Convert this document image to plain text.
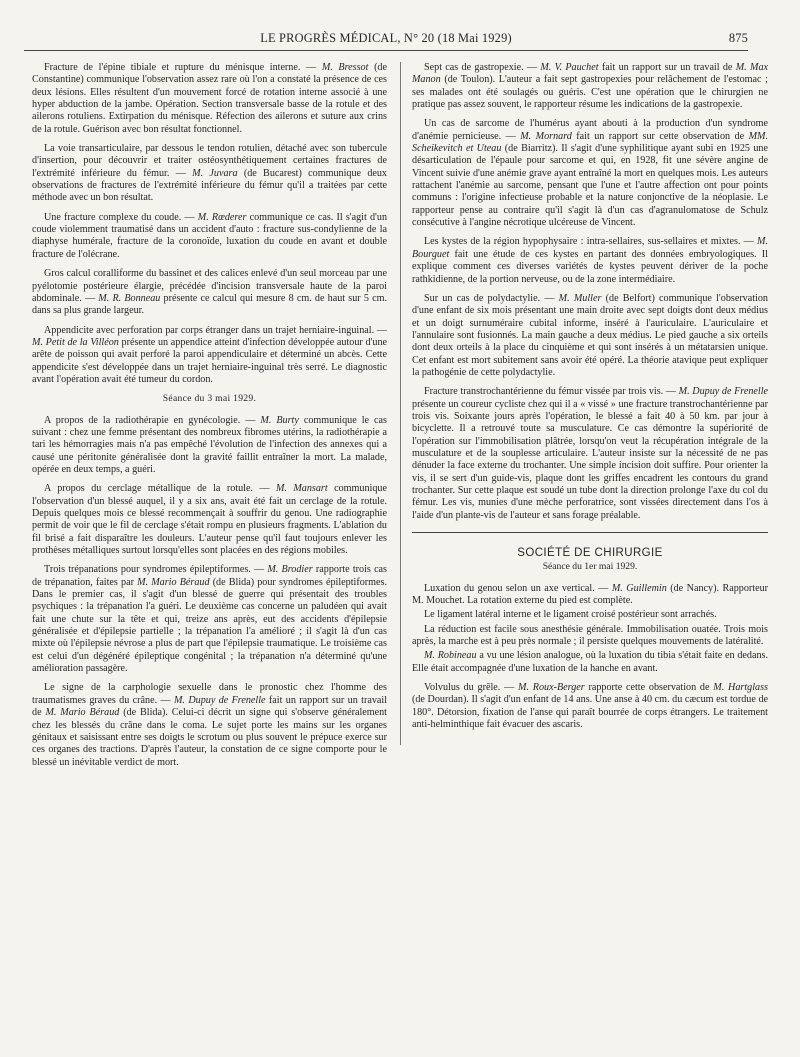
LE PROGRÈS MÉDICAL, N° 20 (18 Mai 1929)	875

Fracture de l'épine tibiale et rupture du ménisque interne. — M. Bressot (de Constantine) communique l'observation assez rare où l'on a constaté la présence de ces deux lésions. Elles résultent d'un mouvement forcé de rotation interne associé à une hyper abduction de la jambe. Opération. Section transversale basse de la rotule et des ailerons rotuliens. Extirpation du ménisque. Réfection des ailerons et suture aux crins de la rotule. Guérison avec bon résultat fonctionnel.

La voie transarticulaire, par dessous le tendon rotulien, détaché avec son tubercule d'insertion, pour découvrir et traiter ostéosynthétiquement certaines fractures de l'extrémité inférieure du fémur. — M. Juvara (de Bucarest) communique deux observations de fractures de l'extrémité inférieure du fémur qu'il a traitées par cette méthode avec un bon résultat.

Une fracture complexe du coude. — M. Rœderer communique ce cas. Il s'agit d'un coude violemment traumatisé dans un accident d'auto : fracture sus-condylienne de la diaphyse humérale, fracture de la coronoïde, luxation du coude en avant et double fracture de l'olécrane.

Gros calcul coralliforme du bassinet et des calices enlevé d'un seul morceau par une pyélotomie postérieure élargie, précédée d'incision transversale haute de la paroi abdominale. — M. R. Bonneau présente ce calcul qui mesure 8 cm. de haut sur 5 cm. dans sa plus grande largeur.

Appendicite avec perforation par corps étranger dans un trajet herniaire-inguinal. — M. Petit de la Villéon présente un appendice atteint d'infection développée autour d'une arête de poisson qui avait perforé la paroi appendiculaire et déterminé un abcès. Cette appendicite s'est développée dans un trajet herniaire-inguinal très serré. Le diagnostic avant l'opération avait été tumeur du cordon.

Séance du 3 mai 1929.

A propos de la radiothérapie en gynécologie. — M. Burty communique le cas suivant : chez une femme présentant des nombreux fibromes utérins, la radiothérapie a tari les hémorragies mais n'a pas empêché l'évolution de l'infection des annexes qui a causé une péritonite généralisée dont la gravité faillit entraîner la mort. La malade, opérée en deux temps, a guéri.

A propos du cerclage métallique de la rotule. — M. Mansart communique l'observation d'un blessé auquel, il y a six ans, avait été fait un cerclage de la rotule. Depuis quelques mois ce blessé recommençait à souffrir du genou. Une radiographie permit de voir que le fil de cerclage s'était rompu en plusieurs fragments. L'ablation du fil brisé a fait disparaître les douleurs. L'auteur pense qu'il faut toujours enlever les prothèses métalliques surtout lorsqu'elles sont placées en des régions mobiles.

Trois trépanations pour syndromes épileptiformes. — M. Brodier rapporte trois cas de trépanation, faites par M. Mario Béraud (de Blida) pour syndromes épileptiformes. Dans le premier cas, il s'agit d'un blessé de guerre qui présentait des troubles psychiques : la trépanation l'a guéri. Le deuxième cas concerne un paludéen qui avait fait une chute sur la tête et qui, treize ans après, eut des accidents d'épilepsie généralisée et d'épilepsie partielle ; la trépanation l'a amélioré ; il s'agit là d'un cas mixte où l'épilepsie névrose a plus de part que l'épilepsie traumatique. Le troisième cas est celui d'un dégénéré épileptique congénital ; la trépanation n'a déterminé qu'une amélioration passagère.

Le signe de la carphologie sexuelle dans le pronostic chez l'homme des traumatismes graves du crâne. — M. Dupuy de Frenelle fait un rapport sur un travail de M. Mario Béraud (de Blida). Celui-ci décrit un signe qui s'observe généralement chez les blessés du crâne dans le coma. Le sujet porte les mains sur les organes génitaux et saisissant entre ses doigts le scrotum ou plus souvent le prépuce exerce sur ces organes des tractions. D'après l'auteur, la constation de ce signe comporte pour le blessé un inévitable verdict de mort.

Sept cas de gastropexie. — M. V. Pauchet fait un rapport sur un travail de M. Max Manon (de Toulon). L'auteur a fait sept gastropexies pour relâchement de l'estomac ; ses malades ont été soulagés ou guéris. C'est une opération que le chirurgien ne pratique pas assez souvent, le rapporteur résume les indications de la gastropexie.

Un cas de sarcome de l'humérus ayant abouti à la production d'un syndrome d'anémie pernicieuse. — M. Mornard fait un rapport sur cette observation de MM. Scheikevitch et Uteau (de Biarritz). Il s'agit d'une syphilitique ayant subi en 1925 une désarticulation de l'épaule pour sarcome et qui, en 1928, fit une sévère angine de Vincent suivie d'une anémie grave ayant entraîné la mort en quelques mois. Les auteurs rattachent l'anémie au sarcome, pensant que l'une et l'autre affection ont pour points communs : l'origine infectieuse probable et la nature conjonctive de la néoplasie. Le rapporteur pense au contraire qu'il s'agit là d'un cas d'agranulomatose de Schulz consécutive à l'angine nécrotique ulcéreuse de Vincent.

Les kystes de la région hypophysaire : intra-sellaires, sus-sellaires et mixtes. — M. Bourguet fait une étude de ces kystes en partant des données embryologiques. Il explique comment ces diverses variétés de kystes peuvent dériver de la poche rathkidienne, de la portion nerveuse, ou de la zone intermédiaire.

Sur un cas de polydactylie. — M. Muller (de Belfort) communique l'observation d'une enfant de six mois présentant une main droite avec sept doigts dont deux médius et un doigt surnuméraire cubital informe, inséré à l'auriculaire. L'auriculaire et l'annulaire sont fusionnés. La main gauche a deux médius. Le pied gauche a six orteils dont deux orteils à la place du cinquième et qui sont insérés à un métatarsien unique. Cet enfant est mort subitement sans avoir été opéré. La théorie atavique peut expliquer la pathogénie de cette polydactylie.

Fracture transtrochantérienne du fémur vissée par trois vis. — M. Dupuy de Frenelle présente un coureur cycliste chez qui il a « vissé » une fracture transtrochantérienne par trois vis. Soixante jours après l'opération, le blessé a fait 40 à 50 km. par jour à bicyclette. Il a retrouvé toute sa musculature. Ce cas démontre la supériorité de l'opération sur l'immobilisation plâtrée, lorsqu'on veut la récupération intégrale de la musculature et de la souplesse articulaire. L'auteur insiste sur la nécessité de ne pas dénuder la face externe du trochanter. Une simple incision doit suffire. Pour orienter la vis, il se sert d'un guide-vis, plaque dont les griffes encadrent les contours du grand trochanter. Sur cette plaque est soudé un tube dont la direction prolonge l'axe du col du fémur. Les vis, munies d'une mèche perforatrice, sont vissées directement dans l'os à l'aide d'un plante-vis de l'auteur et sans forage préalable.

SOCIÉTÉ DE CHIRURGIE
Séance du 1er mai 1929.

Luxation du genou selon un axe vertical. — M. Guillemin (de Nancy). Rapporteur M. Mouchet. La rotation externe du pied est complète.

Le ligament latéral interne et le ligament croisé postérieur sont arrachés.

La réduction est facile sous anesthésie générale. Immobilisation ouatée. Trois mois après, la marche est à peu près normale ; il persiste quelques mouvements de latéralité.

M. Robineau a vu une lésion analogue, où la luxation du tibia s'était faite en dedans. Elle était accompagnée d'une luxation de la hanche en avant.

Volvulus du grêle. — M. Roux-Berger rapporte cette observation de M. Hartglass (de Dourdan). Il s'agit d'un enfant de 14 ans. Une anse à 40 cm. du cæcum est tordue de 180°. Détorsion, fixation de l'anse qui paraît bourrée de corps étrangers. Le traitement anti-helminthique fait évacuer des ascaris.
